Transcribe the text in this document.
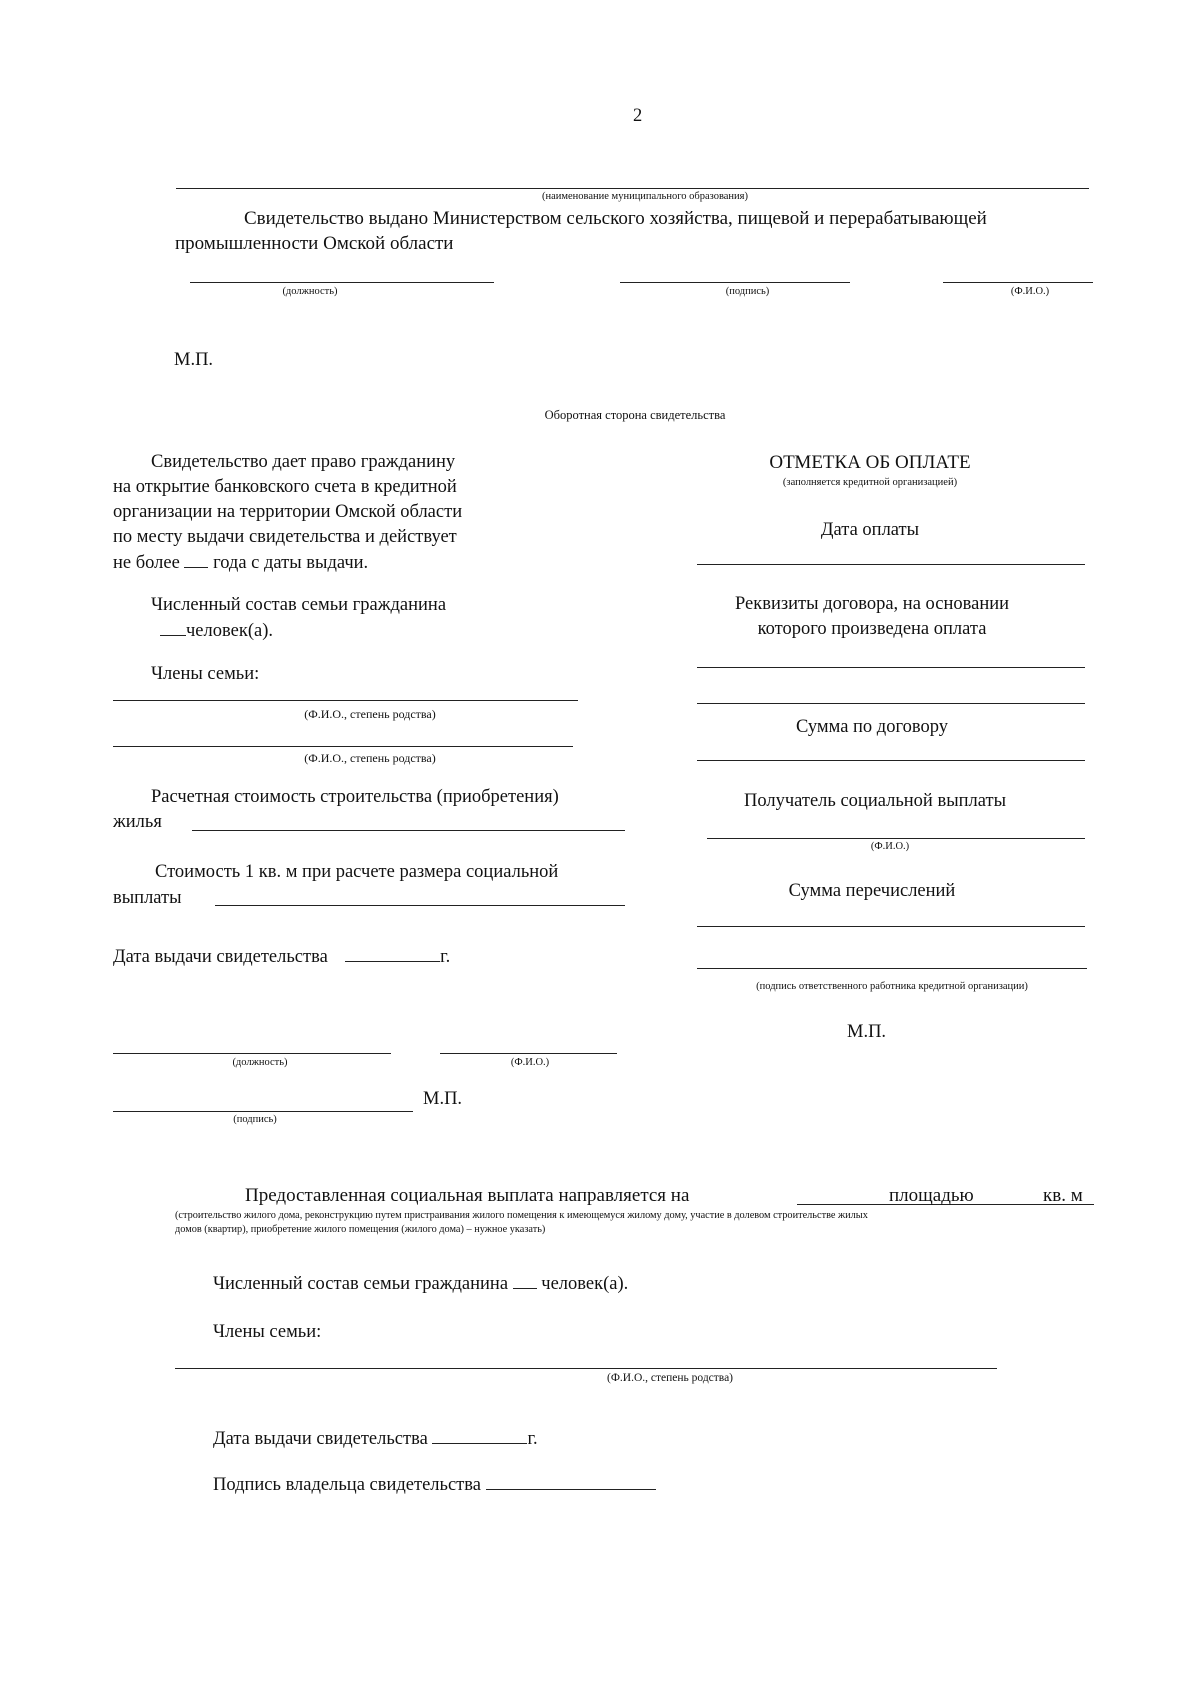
2
(наименование муниципального образования)
Свидетельство выдано Министерством сельского хозяйства, пищевой и перерабатывающей
промышленности Омской области
(должность)	(подпись)	(Ф.И.О.)
М.П.
Оборотная сторона свидетельства
Свидетельство дает право гражданину
на открытие банковского счета в кредитной
организации на территории Омской области
по месту выдачи свидетельства и действует
не более года с даты выдачи.
Численный состав семьи гражданина
человек(а).
Члены семьи:
(Ф.И.О., степень родства)
(Ф.И.О., степень родства)
Расчетная стоимость строительства (приобретения)
жилья
Стоимость 1 кв. м при расчете размера социальной
выплаты
Дата выдачи свидетельства	г.
(должность)	(Ф.И.О.)
М.П.
(подпись)
ОТМЕТКА ОБ ОПЛАТЕ
(заполняется кредитной организацией)
Дата оплаты
Реквизиты договора, на основании
которого произведена оплата
Сумма по договору
Получатель социальной выплаты
(Ф.И.О.)
Сумма перечислений
(подпись ответственного работника кредитной организации)
М.П.
Предоставленная социальная выплата направляется на	площадью	кв. м
(строительство жилого дома, реконструкцию путем пристраивания жилого помещения к имеющемуся жилому дому, участие в долевом строительстве жилых
домов (квартир), приобретение жилого помещения (жилого дома) – нужное указать)
Численный состав семьи гражданина человек(а).
Члены семьи:
(Ф.И.О., степень родства)
Дата выдачи свидетельства	г.
Подпись владельца свидетельства
